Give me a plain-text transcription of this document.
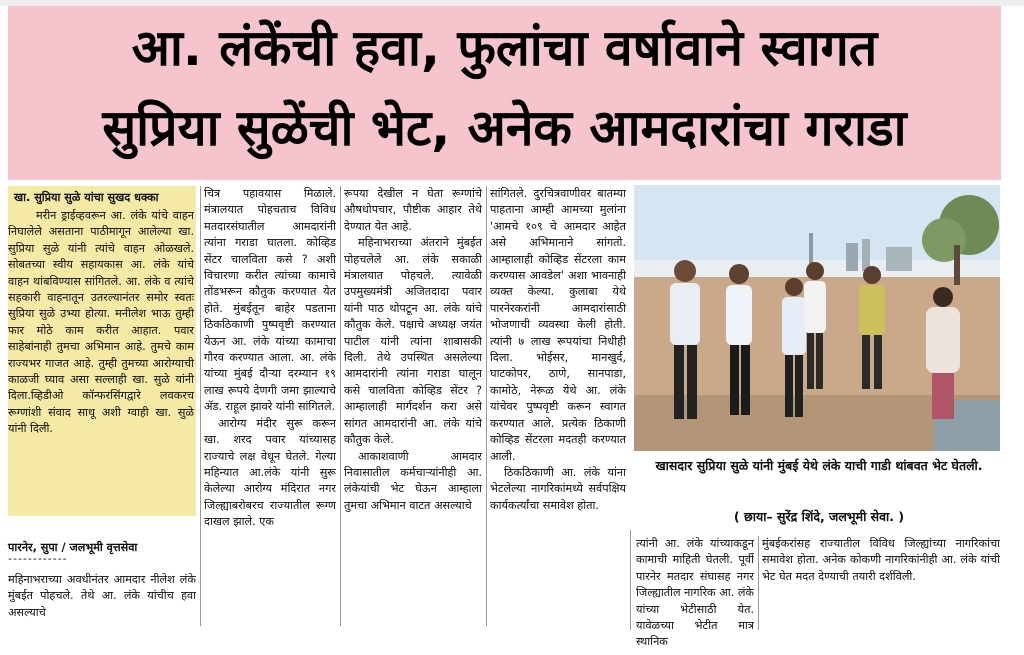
आ. लंकेंची हवा, फुलांचा वर्षावाने स्वागत
सुप्रिया सुळेंची भेट, अनेक आमदारांचा गराडा
खा. सुप्रिया सुळे यांचा सुखद धक्का

मरीन ड्राईव्हवरून आ. लंके यांचे वाहन निघालेले असताना पाठीमागून आलेल्या खा. सुप्रिया सुळे यांनी त्यांचे वाहन ओळखले. सोबतच्या स्वीय सहायकास आ. लंके यांचे वाहन थांबविण्यास सांगितले. आ. लंके व त्यांचे सहकारी वाहनातून उतरल्यानंतर समोर स्वतः सुप्रिया सुळे उभ्या होत्या. मनीलेश भाऊ तुम्ही फार मोठे काम करीत आहात. पवार साहेबांनाही तुमचा अभिमान आहे. तुमचे काम राज्यभर गाजत आहे. तुम्ही तुमच्या आरोग्याची काळजी घ्याव असा सल्लाही खा. सुळे यांनी दिला.व्हिडीओ कॉन्फरसिंगद्वारे लवकरच रूग्णांशी संवाद साधू अशी ग्वाही खा. सुळे यांनी दिली.

पारनेर, सुपा / जलभूमी वृत्तसेवा
------------

चित्र पहावयास मिळाले. मंत्रालयात पोहचताच विविध मतदारसंघातील आमदारांनी त्यांना गराडा घातला. कोव्हिड सेंटर चालविता कसे ? अशी विचारणा करीत त्यांच्या कामाचे तोंडभरून कौतुक करण्यात येत होते. मुंबईतून बाहेर पडताना ठिकठिकाणी पुष्पवृष्टी करण्यात येऊन आ. लंके यांच्या कामाचा गौरव करण्यात आला. आ. लंके यांच्या मुंबई दौऱ्या दरम्यान १९ लाख रूपये देणगी जमा झाल्याचे ॲड. राहूल झावरे यांनी सांगितले.

आरोग्य मंदीर सुरू करून खा. शरद पवार यांच्यासह राज्याचे लक्ष वेधून घेतले. गेल्या महिन्यात आ.लंके यांनी सुरू केलेल्या आरोग्य मंदिरात नगर जिल्ह्याबरोबरच राज्यातील रूग्ण दाखल झाले. एक

रूपया देखील न घेता रूग्णांचे औषधोपचार, पौष्टीक आहार तेथे देण्यात येत आहे.

महिनाभराच्या अंतराने मुंबईत पोहचलेले आ. लंके सकाळी मंत्रालयात पोहचले. त्यावेळी उपमुख्यमंत्री अजितदादा पवार यांनी पाठ थोपटून आ. लंके यांचे कौतुक केले. पक्षाचे अध्यक्ष जयंत पाटील यांनी त्यांना शाबासकी दिली. तेथे उपस्थित असलेल्या आमदारांनी त्यांना गराडा घालून कसे चालविता कोव्हिड सेंटर ? आम्हालाही मार्गदर्शन करा असे सांगत आमदारांनी आ. लंके यांचे कौतुक केले.

आकाशवाणी आमदार निवासातील कर्मचाऱ्यांनीही आ. लंकेयांची भेट घेऊन आम्हाला तुमचा अभिमान वाटत असल्याचे

सांगितले. दुरचित्रवाणीवर बातम्या पाहताना आम्ही आमच्या मुलांना 'आमचे १०९ चे आमदार आहेत असे अभिमानाने सांगतो. आम्हालाही कोव्हिड सेंटरला काम करण्यास आवडेल' अशा भावनाही व्यक्त केल्या. कुलाबा येथे पारनेरकरांनी आमदारांसाठी भोजणाची व्यवस्था केली होती. त्यांनी ७ लाख रूपयांचा निधीही दिला. भोईसर, मानखुर्द, घाटकोपर, ठाणे, सानपाडा, कामोठे, नेरूळ येथे आ. लंके यांचेवर पुष्पवृष्टी करून स्वागत करण्यात आले. प्रत्येक ठिकाणी कोव्हिड सेंटरला मदतही करण्यात आली.

ठिकठिकाणी आ. लंके यांना भेटलेल्या नागरिकांमध्ये सर्वपक्षिय कार्यकर्त्यांचा समावेश होता.

खासदार सुप्रिया सुळे यांनी मुंबई येथे लंके याची गाडी थांबवत भेट घेतली.
( छाया– सुरेंद्र शिंदे, जलभूमी सेवा. )

महिनाभराच्या अवधीनंतर आमदार नीलेश लंके मुंबईत पोहचले. तेथे आ. लंके यांचीच हवा असल्याचे

त्यांनी आ. लंके यांच्याकडून कामाची माहिती घेतली. पूर्वी पारनेर मतदार संघासह नगर जिल्ह्यातील नागरिक आ. लंके यांच्या भेटीसाठी येत. यावेळच्या भेटीत मात्र स्थानिक

मुंबईकरांसह राज्यातील विविध जिल्ह्यांच्या नागरिकांचा समावेश होता. अनेक कोकणी नागरिकांनीही आ. लंके यांची भेट घेत मदत देण्याची तयारी दर्शविली.
